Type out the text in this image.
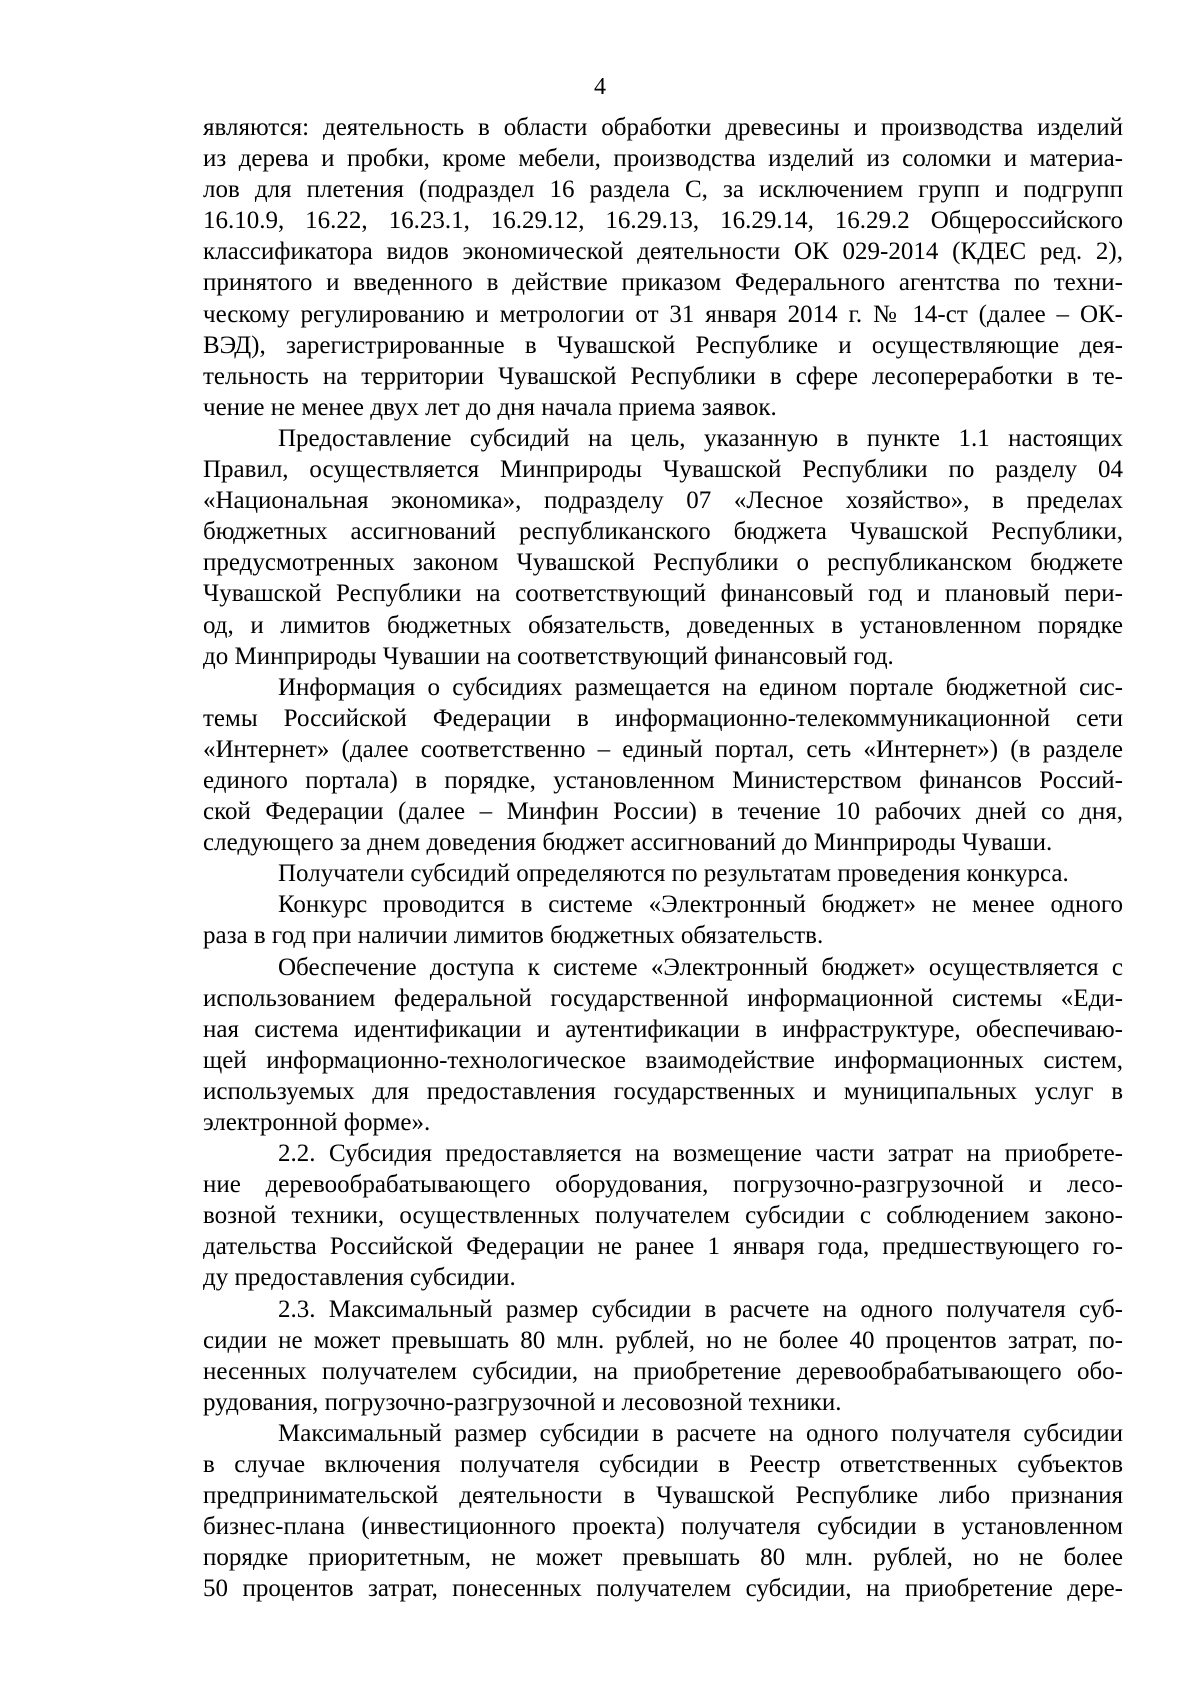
4
являются: деятельность в области обработки древесины и производства изделий
из дерева и пробки, кроме мебели, производства изделий из соломки и материа-
лов для плетения (подраздел 16 раздела С, за исключением групп и подгрупп
16.10.9, 16.22, 16.23.1, 16.29.12, 16.29.13, 16.29.14, 16.29.2 Общероссийского
классификатора видов экономической деятельности ОК 029-2014 (КДЕС ред. 2),
принятого и введенного в действие приказом Федерального агентства по техни-
ческому регулированию и метрологии от 31 января 2014 г. № 14-ст (далее – ОК-
ВЭД), зарегистрированные в Чувашской Республике и осуществляющие дея-
тельность на территории Чувашской Республики в сфере лесопереработки в те-
чение не менее двух лет до дня начала приема заявок.
Предоставление субсидий на цель, указанную в пункте 1.1 настоящих
Правил, осуществляется Минприроды Чувашской Республики по разделу 04
«Национальная экономика», подразделу 07 «Лесное хозяйство», в пределах
бюджетных ассигнований республиканского бюджета Чувашской Республики,
предусмотренных законом Чувашской Республики о республиканском бюджете
Чувашской Республики на соответствующий финансовый год и плановый пери-
од, и лимитов бюджетных обязательств, доведенных в установленном порядке
до Минприроды Чувашии на соответствующий финансовый год.
Информация о субсидиях размещается на едином портале бюджетной сис-
темы Российской Федерации в информационно-телекоммуникационной сети
«Интернет» (далее соответственно – единый портал, сеть «Интернет») (в разделе
единого портала) в порядке, установленном Министерством финансов Россий-
ской Федерации (далее – Минфин России) в течение 10 рабочих дней со дня,
следующего за днем доведения бюджет ассигнований до Минприроды Чуваши.
Получатели субсидий определяются по результатам проведения конкурса.
Конкурс проводится в системе «Электронный бюджет» не менее одного
раза в год при наличии лимитов бюджетных обязательств.
Обеспечение доступа к системе «Электронный бюджет» осуществляется с
использованием федеральной государственной информационной системы «Еди-
ная система идентификации и аутентификации в инфраструктуре, обеспечиваю-
щей информационно-технологическое взаимодействие информационных систем,
используемых для предоставления государственных и муниципальных услуг в
электронной форме».
2.2. Субсидия предоставляется на возмещение части затрат на приобрете-
ние деревообрабатывающего оборудования, погрузочно-разгрузочной и лесо-
возной техники, осуществленных получателем субсидии с соблюдением законо-
дательства Российской Федерации не ранее 1 января года, предшествующего го-
ду предоставления субсидии.
2.3. Максимальный размер субсидии в расчете на одного получателя суб-
сидии не может превышать 80 млн. рублей, но не более 40 процентов затрат, по-
несенных получателем субсидии, на приобретение деревообрабатывающего обо-
рудования, погрузочно-разгрузочной и лесовозной техники.
Максимальный размер субсидии в расчете на одного получателя субсидии
в случае включения получателя субсидии в Реестр ответственных субъектов
предпринимательской деятельности в Чувашской Республике либо признания
бизнес-плана (инвестиционного проекта) получателя субсидии в установленном
порядке приоритетным, не может превышать 80 млн. рублей, но не более
50 процентов затрат, понесенных получателем субсидии, на приобретение дере-
